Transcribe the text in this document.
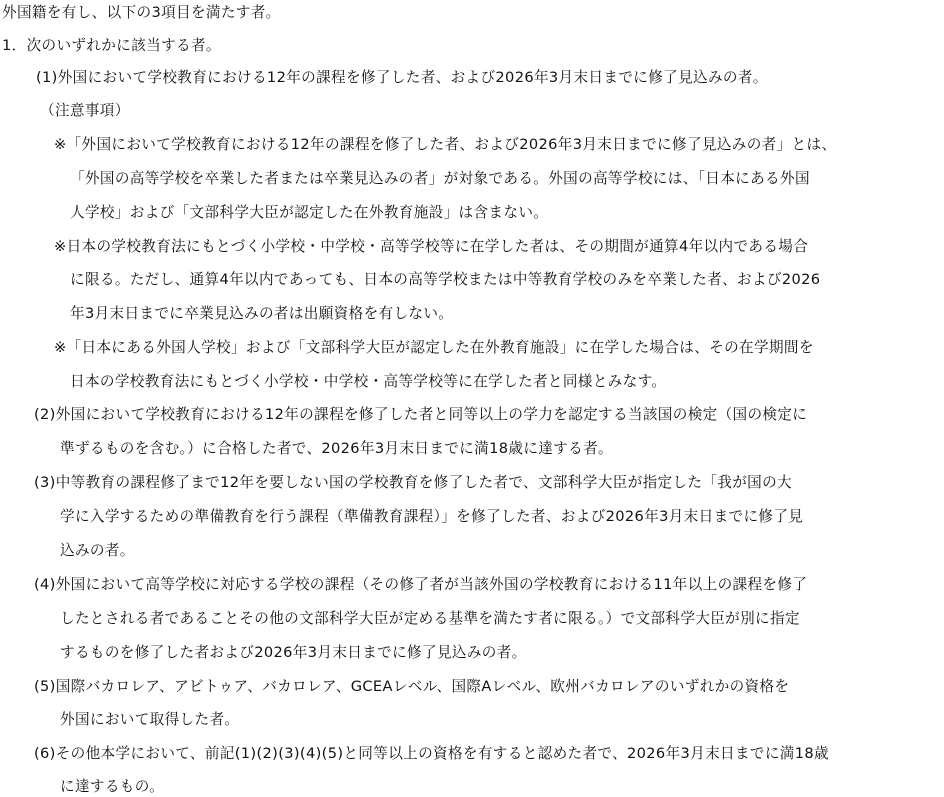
外国籍を有し、以下の3項目を満たす者。
1．次のいずれかに該当する者。
(1)外国において学校教育における12年の課程を修了した者、および2026年3月末日までに修了見込みの者。
（注意事項）
※「外国において学校教育における12年の課程を修了した者、および2026年3月末日までに修了見込みの者」とは、
「外国の高等学校を卒業した者または卒業見込みの者」が対象である。外国の高等学校には、「日本にある外国
人学校」および「文部科学大臣が認定した在外教育施設」は含まない。
※日本の学校教育法にもとづく小学校・中学校・高等学校等に在学した者は、その期間が通算4年以内である場合
に限る。ただし、通算4年以内であっても、日本の高等学校または中等教育学校のみを卒業した者、および2026
年3月末日までに卒業見込みの者は出願資格を有しない。
※「日本にある外国人学校」および「文部科学大臣が認定した在外教育施設」に在学した場合は、その在学期間を
日本の学校教育法にもとづく小学校・中学校・高等学校等に在学した者と同様とみなす。
(2)外国において学校教育における12年の課程を修了した者と同等以上の学力を認定する当該国の検定（国の検定に
準ずるものを含む。）に合格した者で、2026年3月末日までに満18歳に達する者。
(3)中等教育の課程修了まで12年を要しない国の学校教育を修了した者で、文部科学大臣が指定した「我が国の大
学に入学するための準備教育を行う課程（準備教育課程）」を修了した者、および2026年3月末日までに修了見
込みの者。
(4)外国において高等学校に対応する学校の課程（その修了者が当該外国の学校教育における11年以上の課程を修了
したとされる者であることその他の文部科学大臣が定める基準を満たす者に限る。）で文部科学大臣が別に指定
するものを修了した者および2026年3月末日までに修了見込みの者。
(5)国際バカロレア、アビトゥア、バカロレア、GCEAレベル、国際Aレベル、欧州バカロレアのいずれかの資格を
外国において取得した者。
(6)その他本学において、前記(1)(2)(3)(4)(5)と同等以上の資格を有すると認めた者で、2026年3月末日までに満18歳
に達するもの。
